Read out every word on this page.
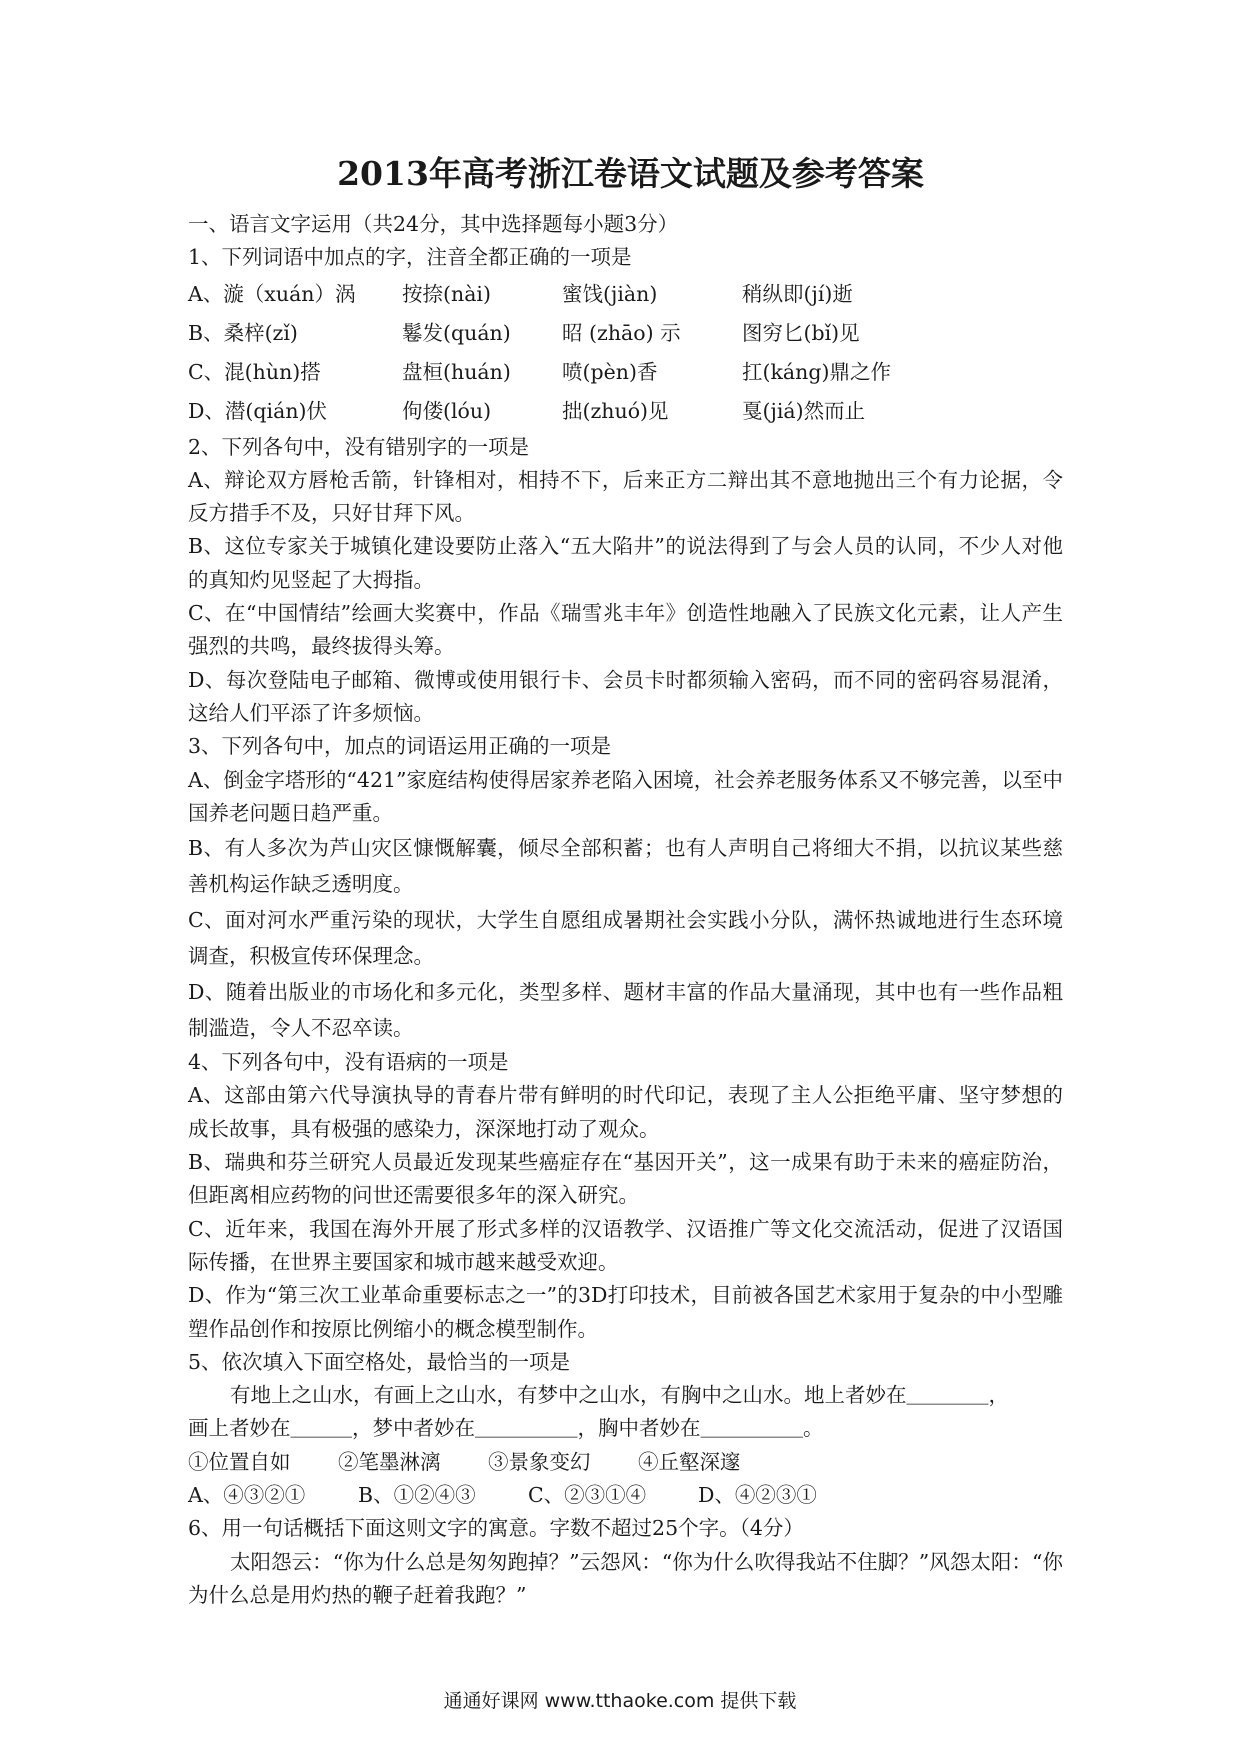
2013年高考浙江卷语文试题及参考答案
一、语言文字运用（共24分，其中选择题每小题3分）
1、下列词语中加点的字，注音全都正确的一项是
A、漩（xuán）涡	按捺(nài)	蜜饯(jiàn)	稍纵即(jí)逝
B、桑梓(zǐ)	鬈发(quán)	昭 (zhāo) 示	图穷匕(bǐ)见
C、混(hùn)搭	盘桓(huán)	喷(pèn)香	扛(káng)鼎之作
D、潜(qián)伏	佝偻(lóu)	拙(zhuó)见	戛(jiá)然而止
2、下列各句中，没有错别字的一项是
A、辩论双方唇枪舌箭，针锋相对，相持不下，后来正方二辩出其不意地抛出三个有力论据，令反方措手不及，只好甘拜下风。
B、这位专家关于城镇化建设要防止落入“五大陷井”的说法得到了与会人员的认同，不少人对他的真知灼见竖起了大拇指。
C、在“中国情结”绘画大奖赛中，作品《瑞雪兆丰年》创造性地融入了民族文化元素，让人产生强烈的共鸣，最终拔得头筹。
D、每次登陆电子邮箱、微博或使用银行卡、会员卡时都须输入密码，而不同的密码容易混淆，这给人们平添了许多烦恼。
3、下列各句中，加点的词语运用正确的一项是
A、倒金字塔形的“421”家庭结构使得居家养老陷入困境，社会养老服务体系又不够完善，以至中国养老问题日趋严重。
B、有人多次为芦山灾区慷慨解囊，倾尽全部积蓄；也有人声明自己将细大不捐，以抗议某些慈善机构运作缺乏透明度。
C、面对河水严重污染的现状，大学生自愿组成暑期社会实践小分队，满怀热诚地进行生态环境调查，积极宣传环保理念。
D、随着出版业的市场化和多元化，类型多样、题材丰富的作品大量涌现，其中也有一些作品粗制滥造，令人不忍卒读。
4、下列各句中，没有语病的一项是
A、这部由第六代导演执导的青春片带有鲜明的时代印记，表现了主人公拒绝平庸、坚守梦想的成长故事，具有极强的感染力，深深地打动了观众。
B、瑞典和芬兰研究人员最近发现某些癌症存在“基因开关”，这一成果有助于未来的癌症防治，但距离相应药物的问世还需要很多年的深入研究。
C、近年来，我国在海外开展了形式多样的汉语教学、汉语推广等文化交流活动，促进了汉语国际传播，在世界主要国家和城市越来越受欢迎。
D、作为“第三次工业革命重要标志之一”的3D打印技术，目前被各国艺术家用于复杂的中小型雕塑作品创作和按原比例缩小的概念模型制作。
5、依次填入下面空格处，最恰当的一项是
有地上之山水，有画上之山水，有梦中之山水，有胸中之山水。地上者妙在＿＿＿＿，
画上者妙在＿＿＿，梦中者妙在＿＿＿＿＿，胸中者妙在＿＿＿＿＿。
①位置自如	②笔墨淋漓	③景象变幻	④丘壑深邃
A、④③②①	B、①②④③	C、②③①④	D、④②③①
6、用一句话概括下面这则文字的寓意。字数不超过25个字。（4分）
太阳怨云：“你为什么总是匆匆跑掉？”云怨风：“你为什么吹得我站不住脚？”风怨太阳：“你为什么总是用灼热的鞭子赶着我跑？”
通通好课网 www.tthaoke.com 提供下载
